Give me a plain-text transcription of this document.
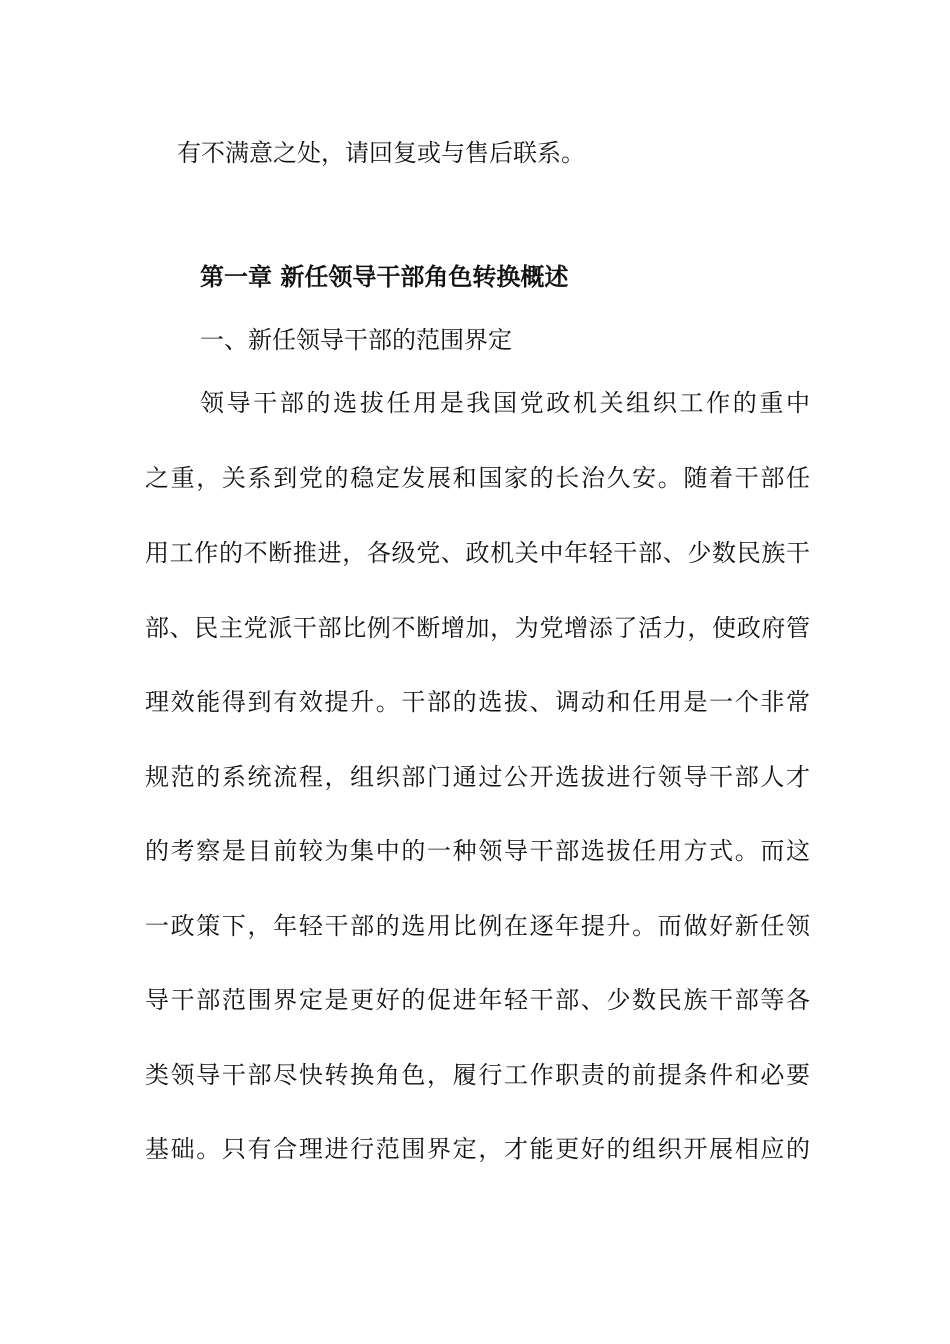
有不满意之处，请回复或与售后联系。
第一章 新任领导干部角色转换概述
一、新任领导干部的范围界定
领导干部的选拔任用是我国党政机关组织工作的重中
之重，关系到党的稳定发展和国家的长治久安。随着干部任
用工作的不断推进，各级党、政机关中年轻干部、少数民族干
部、民主党派干部比例不断增加，为党增添了活力，使政府管
理效能得到有效提升。干部的选拔、调动和任用是一个非常
规范的系统流程，组织部门通过公开选拔进行领导干部人才
的考察是目前较为集中的一种领导干部选拔任用方式。而这
一政策下，年轻干部的选用比例在逐年提升。而做好新任领
导干部范围界定是更好的促进年轻干部、少数民族干部等各
类领导干部尽快转换角色，履行工作职责的前提条件和必要
基础。只有合理进行范围界定，才能更好的组织开展相应的
